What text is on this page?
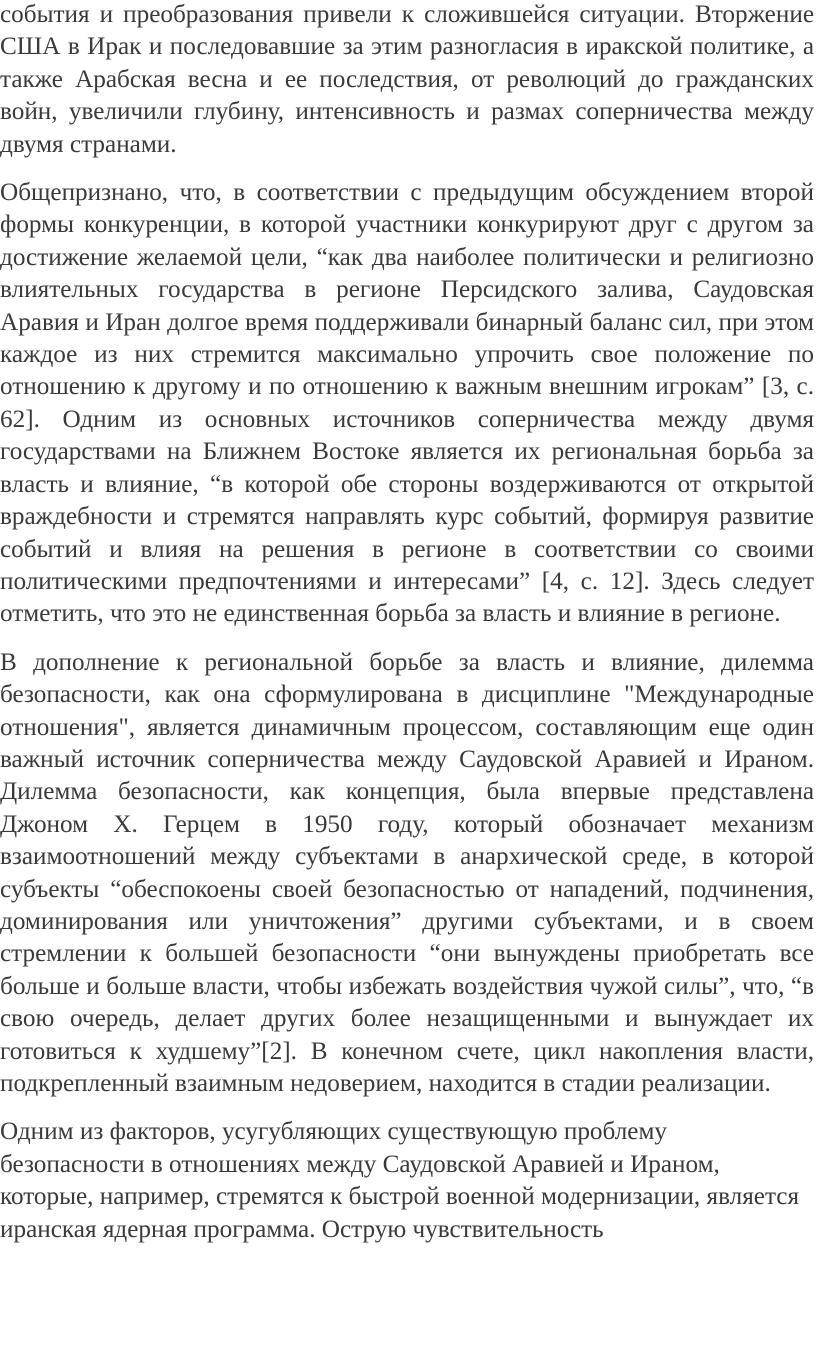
события и преобразования привели к сложившейся ситуации. Вторжение США в Ирак и последовавшие за этим разногласия в иракской политике, а также Арабская весна и ее последствия, от революций до гражданских войн, увеличили глубину, интенсивность и размах соперничества между двумя странами.

Общепризнано, что, в соответствии с предыдущим обсуждением второй формы конкуренции, в которой участники конкурируют друг с другом за достижение желаемой цели, “как два наиболее политически и религиозно влиятельных государства в регионе Персидского залива, Саудовская Аравия и Иран долгое время поддерживали бинарный баланс сил, при этом каждое из них стремится максимально упрочить свое положение по отношению к другому и по отношению к важным внешним игрокам” [3, с. 62]. Одним из основных источников соперничества между двумя государствами на Ближнем Востоке является их региональная борьба за власть и влияние, “в которой обе стороны воздерживаются от открытой враждебности и стремятся направлять курс событий, формируя развитие событий и влияя на решения в регионе в соответствии со своими политическими предпочтениями и интересами” [4, с. 12]. Здесь следует отметить, что это не единственная борьба за власть и влияние в регионе.

В дополнение к региональной борьбе за власть и влияние, дилемма безопасности, как она сформулирована в дисциплине "Международные отношения", является динамичным процессом, составляющим еще один важный источник соперничества между Саудовской Аравией и Ираном. Дилемма безопасности, как концепция, была впервые представлена Джоном Х. Герцем в 1950 году, который обозначает механизм взаимоотношений между субъектами в анархической среде, в которой субъекты “обеспокоены своей безопасностью от нападений, подчинения, доминирования или уничтожения” другими субъектами, и в своем стремлении к большей безопасности “они вынуждены приобретать все больше и больше власти, чтобы избежать воздействия чужой силы”, что, “в свою очередь, делает других более незащищенными и вынуждает их готовиться к худшему”[2]. В конечном счете, цикл накопления власти, подкрепленный взаимным недоверием, находится в стадии реализации.

Одним из факторов, усугубляющих существующую проблему безопасности в отношениях между Саудовской Аравией и Ираном, которые, например, стремятся к быстрой военной модернизации, является иранская ядерная программа. Острую чувствительность
